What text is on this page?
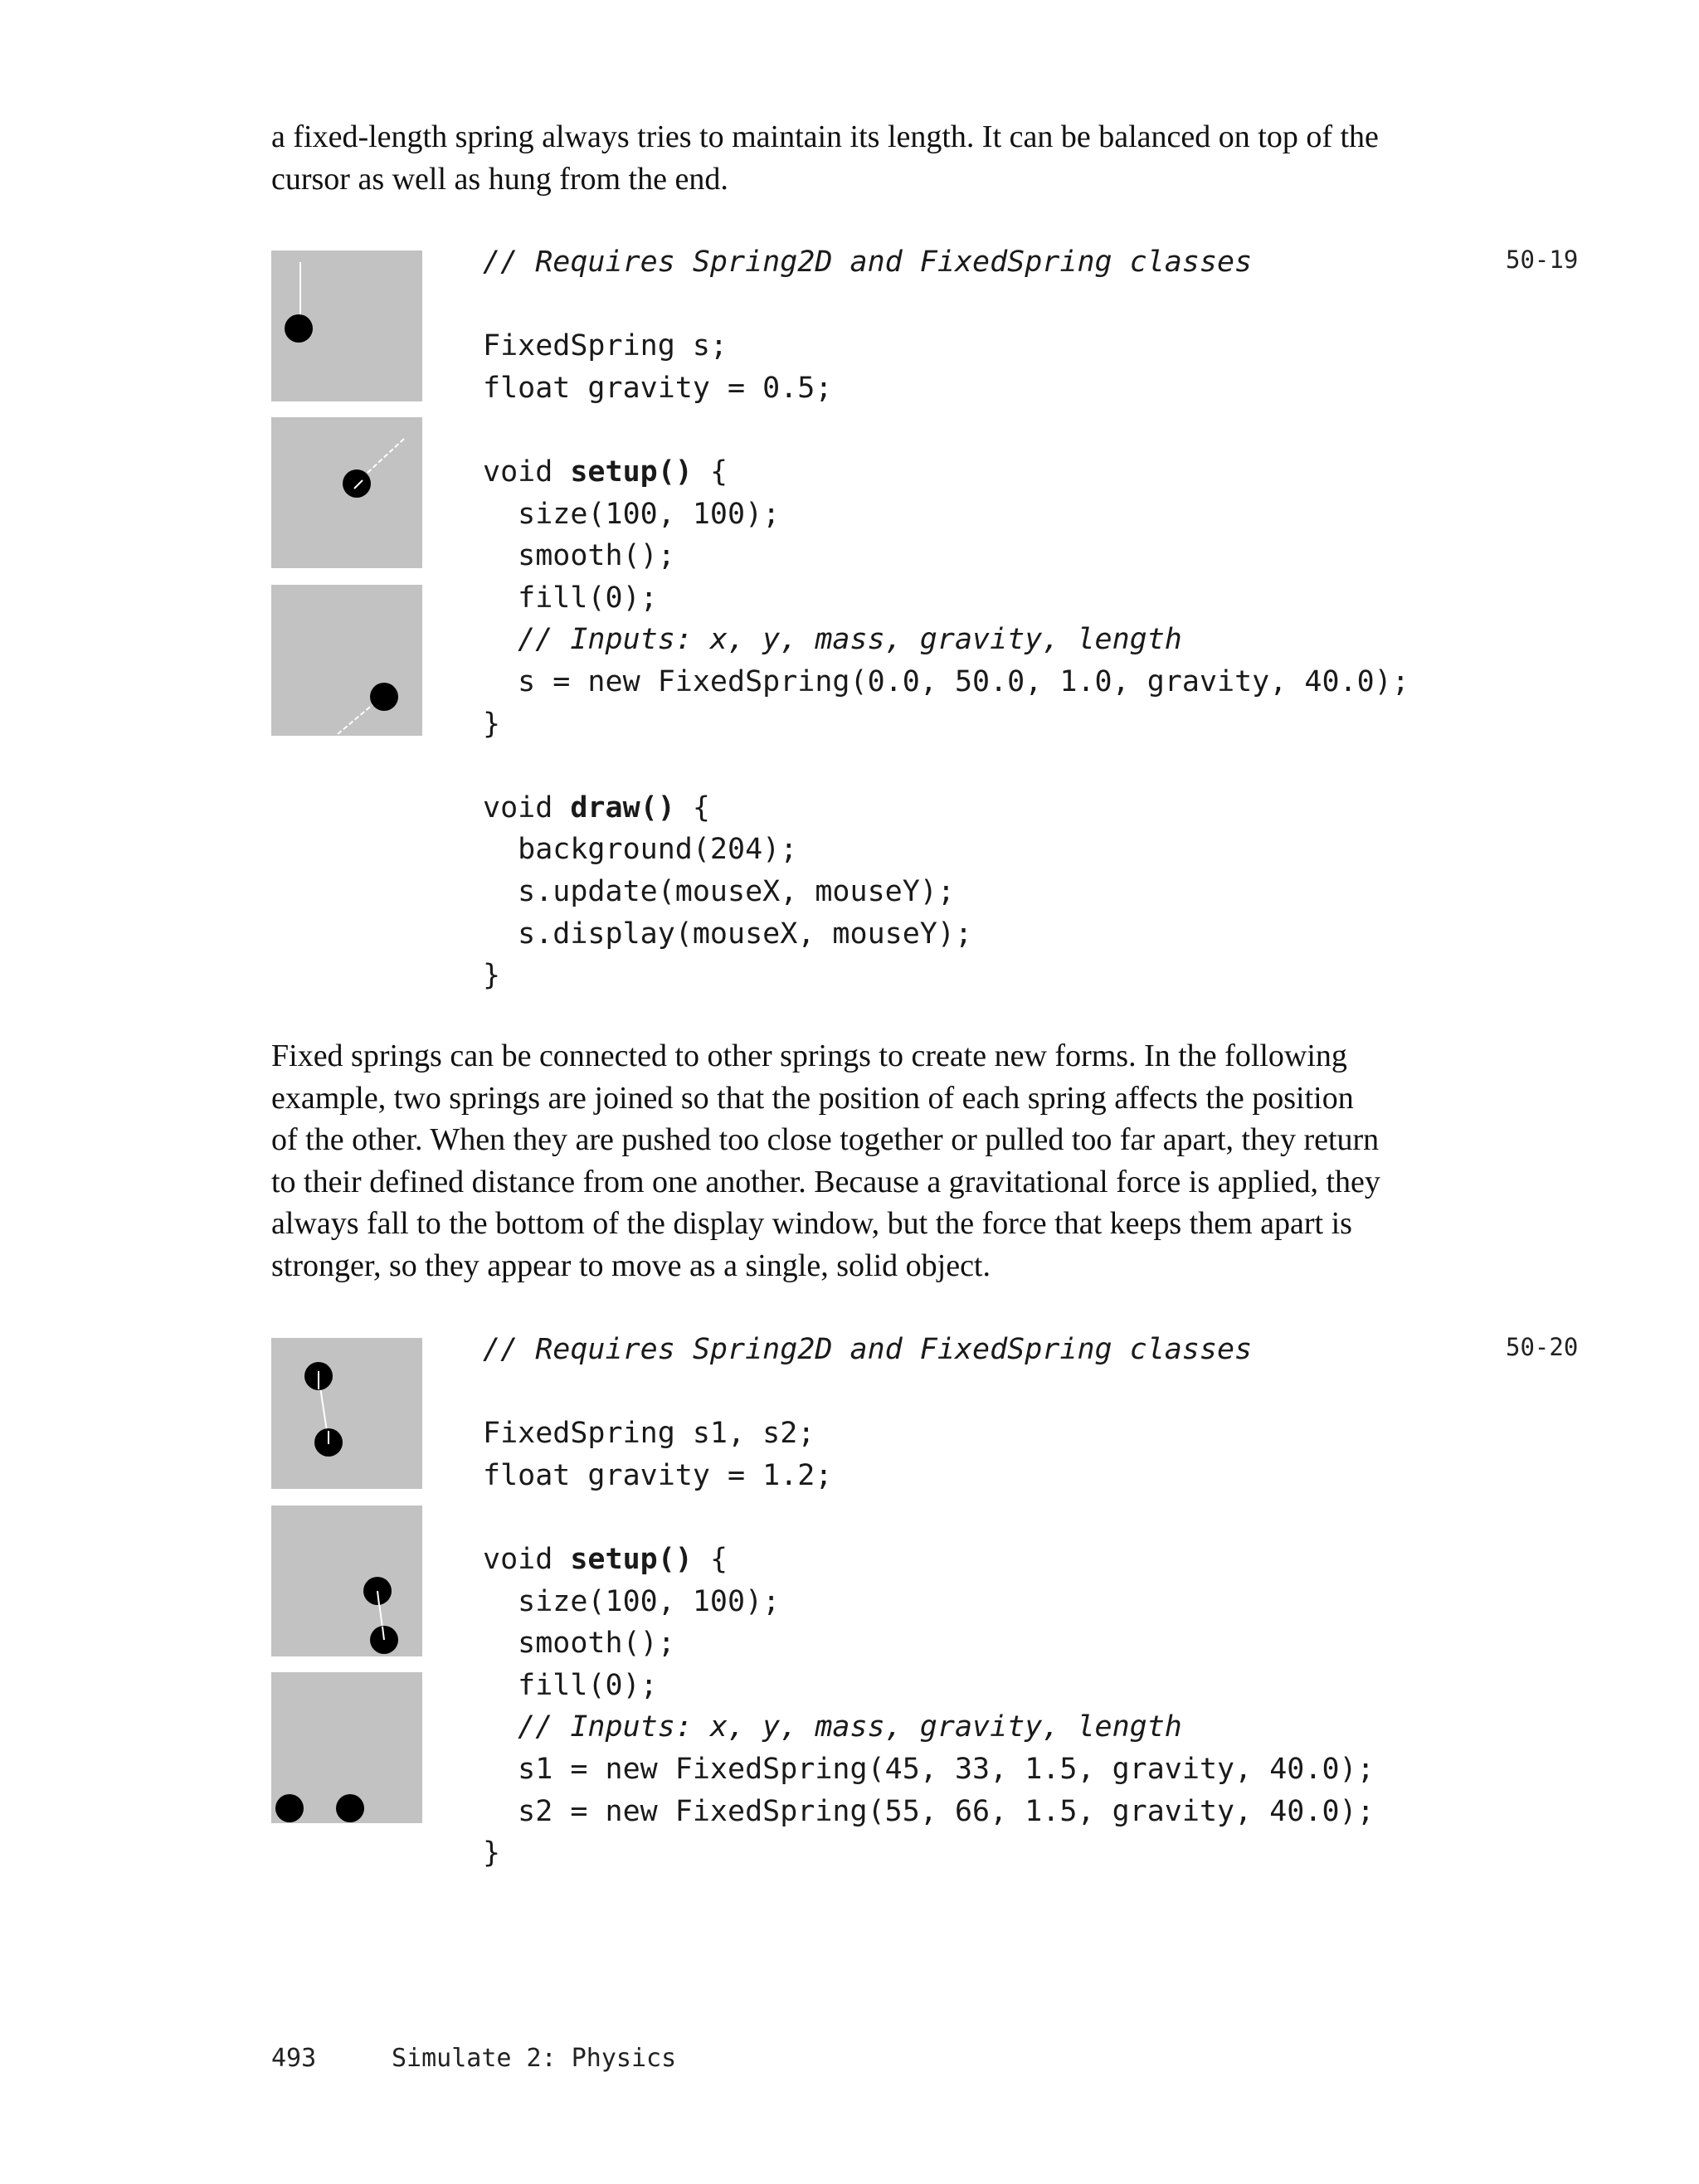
a fixed-length spring always tries to maintain its length. It can be balanced on top of the
cursor as well as hung from the end.

50-19
// Requires Spring2D and FixedSpring classes
FixedSpring s;
float gravity = 0.5;
void setup() {
size(100, 100);
smooth();
fill(0);
// Inputs: x, y, mass, gravity, length
s = new FixedSpring(0.0, 50.0, 1.0, gravity, 40.0);
}
void draw() {
background(204);
s.update(mouseX, mouseY);
s.display(mouseX, mouseY);
}

Fixed springs can be connected to other springs to create new forms. In the following
example, two springs are joined so that the position of each spring affects the position
of the other. When they are pushed too close together or pulled too far apart, they return
to their defined distance from one another. Because a gravitational force is applied, they
always fall to the bottom of the display window, but the force that keeps them apart is
stronger, so they appear to move as a single, solid object.

50-20
// Requires Spring2D and FixedSpring classes
FixedSpring s1, s2;
float gravity = 1.2;
void setup() {
size(100, 100);
smooth();
fill(0);
// Inputs: x, y, mass, gravity, length
s1 = new FixedSpring(45, 33, 1.5, gravity, 40.0);
s2 = new FixedSpring(55, 66, 1.5, gravity, 40.0);
}
493	Simulate 2: Physics
